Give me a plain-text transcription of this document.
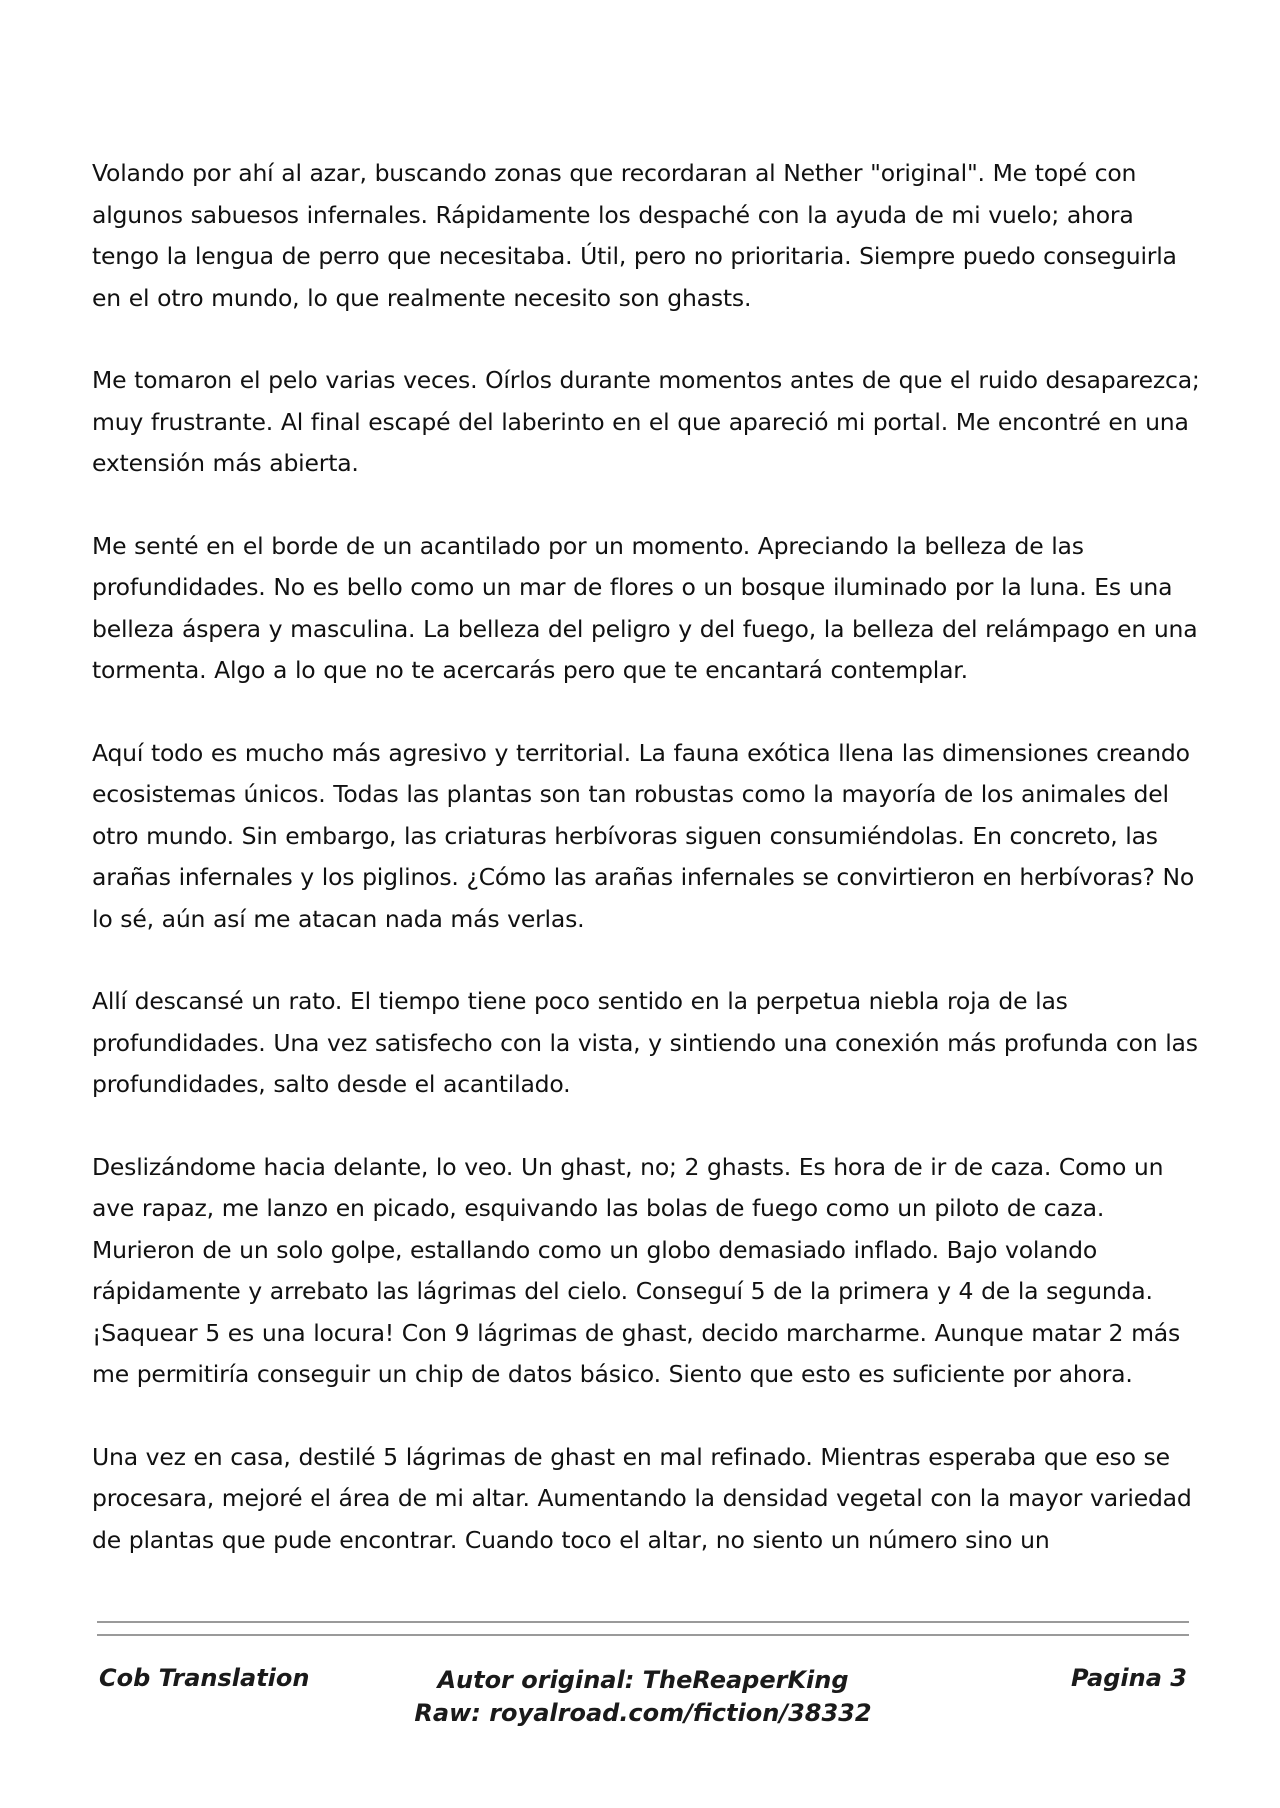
Volando por ahí al azar, buscando zonas que recordaran al Nether "original". Me topé con algunos sabuesos infernales. Rápidamente los despaché con la ayuda de mi vuelo; ahora tengo la lengua de perro que necesitaba. Útil, pero no prioritaria. Siempre puedo conseguirla en el otro mundo, lo que realmente necesito son ghasts.

Me tomaron el pelo varias veces. Oírlos durante momentos antes de que el ruido desaparezca; muy frustrante. Al final escapé del laberinto en el que apareció mi portal. Me encontré en una extensión más abierta.

Me senté en el borde de un acantilado por un momento. Apreciando la belleza de las profundidades. No es bello como un mar de flores o un bosque iluminado por la luna. Es una belleza áspera y masculina. La belleza del peligro y del fuego, la belleza del relámpago en una tormenta. Algo a lo que no te acercarás pero que te encantará contemplar.

Aquí todo es mucho más agresivo y territorial. La fauna exótica llena las dimensiones creando ecosistemas únicos. Todas las plantas son tan robustas como la mayoría de los animales del otro mundo. Sin embargo, las criaturas herbívoras siguen consumiéndolas. En concreto, las arañas infernales y los piglinos. ¿Cómo las arañas infernales se convirtieron en herbívoras? No lo sé, aún así me atacan nada más verlas.

Allí descansé un rato. El tiempo tiene poco sentido en la perpetua niebla roja de las profundidades. Una vez satisfecho con la vista, y sintiendo una conexión más profunda con las profundidades, salto desde el acantilado.

Deslizándome hacia delante, lo veo. Un ghast, no; 2 ghasts. Es hora de ir de caza. Como un ave rapaz, me lanzo en picado, esquivando las bolas de fuego como un piloto de caza. Murieron de un solo golpe, estallando como un globo demasiado inflado. Bajo volando rápidamente y arrebato las lágrimas del cielo. Conseguí 5 de la primera y 4 de la segunda. ¡Saquear 5 es una locura! Con 9 lágrimas de ghast, decido marcharme. Aunque matar 2 más me permitiría conseguir un chip de datos básico. Siento que esto es suficiente por ahora.

Una vez en casa, destilé 5 lágrimas de ghast en mal refinado. Mientras esperaba que eso se procesara, mejoré el área de mi altar. Aumentando la densidad vegetal con la mayor variedad de plantas que pude encontrar. Cuando toco el altar, no siento un número sino un

Cob Translation	Autor original: TheReaperKing
Raw: royalroad.com/fiction/38332
Pagina 3
